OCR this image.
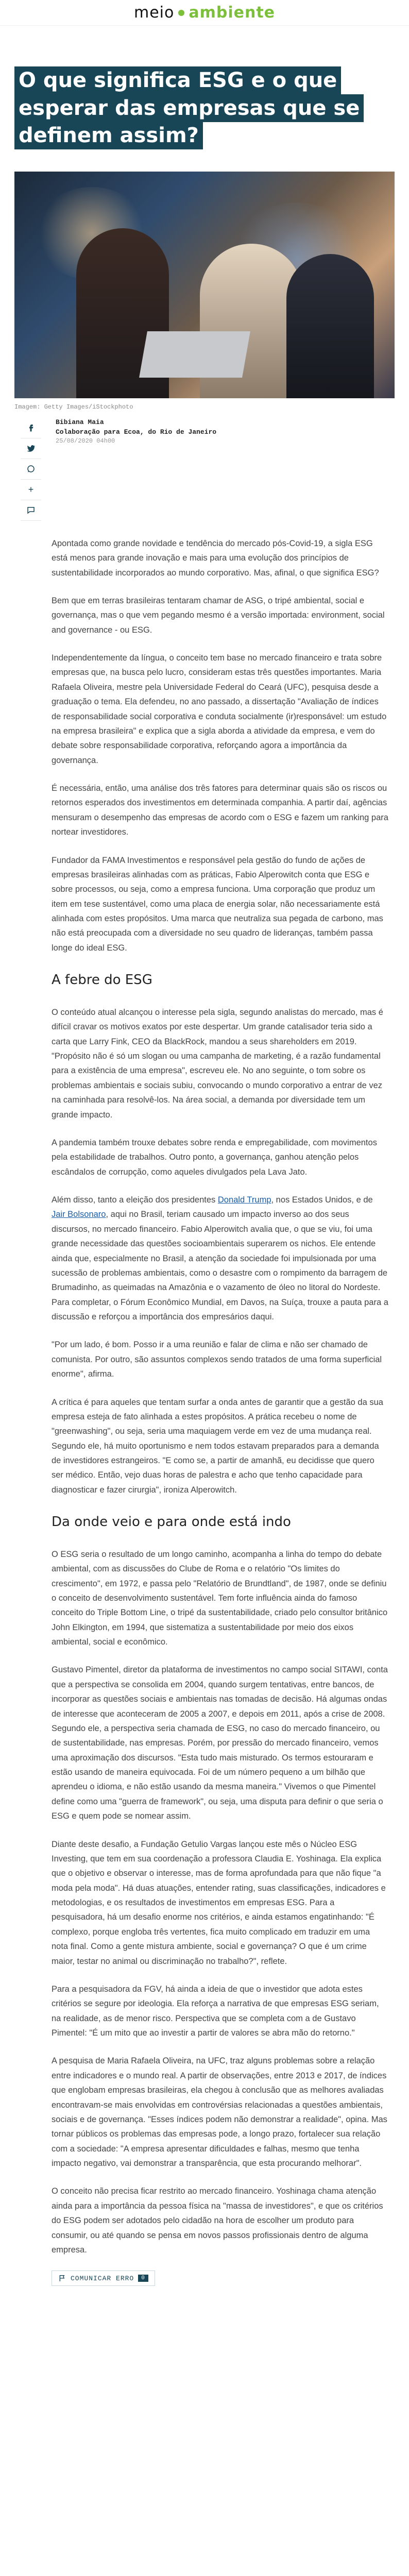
meio ambiente
O que significa ESG e o que esperar das empresas que se definem assim?
Imagem: Getty Images/iStockphoto
+
Bibiana Maia
Colaboração para Ecoa, do Rio de Janeiro
25/08/2020 04h00

Apontada como grande novidade e tendência do mercado pós-Covid-19, a sigla ESG está menos para grande inovação e mais para uma evolução dos princípios de sustentabilidade incorporados ao mundo corporativo. Mas, afinal, o que significa ESG?

Bem que em terras brasileiras tentaram chamar de ASG, o tripé ambiental, social e governança, mas o que vem pegando mesmo é a versão importada: environment, social and governance - ou ESG.

Independentemente da língua, o conceito tem base no mercado financeiro e trata sobre empresas que, na busca pelo lucro, consideram estas três questões importantes. Maria Rafaela Oliveira, mestre pela Universidade Federal do Ceará (UFC), pesquisa desde a graduação o tema. Ela defendeu, no ano passado, a dissertação "Avaliação de índices de responsabilidade social corporativa e conduta socialmente (ir)responsável: um estudo na empresa brasileira" e explica que a sigla aborda a atividade da empresa, e vem do debate sobre responsabilidade corporativa, reforçando agora a importância da governança.

É necessária, então, uma análise dos três fatores para determinar quais são os riscos ou retornos esperados dos investimentos em determinada companhia. A partir daí, agências mensuram o desempenho das empresas de acordo com o ESG e fazem um ranking para nortear investidores.

Fundador da FAMA Investimentos e responsável pela gestão do fundo de ações de empresas brasileiras alinhadas com as práticas, Fabio Alperowitch conta que ESG e sobre processos, ou seja, como a empresa funciona. Uma corporação que produz um item em tese sustentável, como uma placa de energia solar, não necessariamente está alinhada com estes propósitos. Uma marca que neutraliza sua pegada de carbono, mas não está preocupada com a diversidade no seu quadro de lideranças, também passa longe do ideal ESG.

A febre do ESG

O conteúdo atual alcançou o interesse pela sigla, segundo analistas do mercado, mas é difícil cravar os motivos exatos por este despertar. Um grande catalisador teria sido a carta que Larry Fink, CEO da BlackRock, mandou a seus shareholders em 2019. "Propósito não é só um slogan ou uma campanha de marketing, é a razão fundamental para a existência de uma empresa", escreveu ele. No ano seguinte, o tom sobre os problemas ambientais e sociais subiu, convocando o mundo corporativo a entrar de vez na caminhada para resolvê-los. Na área social, a demanda por diversidade tem um grande impacto.

A pandemia também trouxe debates sobre renda e empregabilidade, com movimentos pela estabilidade de trabalhos. Outro ponto, a governança, ganhou atenção pelos escândalos de corrupção, como aqueles divulgados pela Lava Jato.

Além disso, tanto a eleição dos presidentes Donald Trump, nos Estados Unidos, e de Jair Bolsonaro, aqui no Brasil, teriam causado um impacto inverso ao dos seus discursos, no mercado financeiro. Fabio Alperowitch avalia que, o que se viu, foi uma grande necessidade das questões socioambientais superarem os nichos. Ele entende ainda que, especialmente no Brasil, a atenção da sociedade foi impulsionada por uma sucessão de problemas ambientais, como o desastre com o rompimento da barragem de Brumadinho, as queimadas na Amazônia e o vazamento de óleo no litoral do Nordeste. Para completar, o Fórum Econômico Mundial, em Davos, na Suíça, trouxe a pauta para a discussão e reforçou a importância dos empresários daqui.

"Por um lado, é bom. Posso ir a uma reunião e falar de clima e não ser chamado de comunista. Por outro, são assuntos complexos sendo tratados de uma forma superficial enorme", afirma.

A crítica é para aqueles que tentam surfar a onda antes de garantir que a gestão da sua empresa esteja de fato alinhada a estes propósitos. A prática recebeu o nome de "greenwashing", ou seja, seria uma maquiagem verde em vez de uma mudança real. Segundo ele, há muito oportunismo e nem todos estavam preparados para a demanda de investidores estrangeiros. "E como se, a partir de amanhã, eu decidisse que quero ser médico. Então, vejo duas horas de palestra e acho que tenho capacidade para diagnosticar e fazer cirurgia", ironiza Alperowitch.

Da onde veio e para onde está indo

O ESG seria o resultado de um longo caminho, acompanha a linha do tempo do debate ambiental, com as discussões do Clube de Roma e o relatório "Os limites do crescimento", em 1972, e passa pelo "Relatório de Brundtland", de 1987, onde se definiu o conceito de desenvolvimento sustentável. Tem forte influência ainda do famoso conceito do Triple Bottom Line, o tripé da sustentabilidade, criado pelo consultor britânico John Elkington, em 1994, que sistematiza a sustentabilidade por meio dos eixos ambiental, social e econômico.

Gustavo Pimentel, diretor da plataforma de investimentos no campo social SITAWI, conta que a perspectiva se consolida em 2004, quando surgem tentativas, entre bancos, de incorporar as questões sociais e ambientais nas tomadas de decisão. Há algumas ondas de interesse que aconteceram de 2005 a 2007, e depois em 2011, após a crise de 2008. Segundo ele, a perspectiva seria chamada de ESG, no caso do mercado financeiro, ou de sustentabilidade, nas empresas. Porém, por pressão do mercado financeiro, vemos uma aproximação dos discursos. "Esta tudo mais misturado. Os termos estouraram e estão usando de maneira equivocada. Foi de um número pequeno a um bilhão que aprendeu o idioma, e não estão usando da mesma maneira." Vivemos o que Pimentel define como uma "guerra de framework", ou seja, uma disputa para definir o que seria o ESG e quem pode se nomear assim.

Diante deste desafio, a Fundação Getulio Vargas lançou este mês o Núcleo ESG Investing, que tem em sua coordenação a professora Claudia E. Yoshinaga. Ela explica que o objetivo e observar o interesse, mas de forma aprofundada para que não fique "a moda pela moda". Há duas atuações, entender rating, suas classificações, indicadores e metodologias, e os resultados de investimentos em empresas ESG. Para a pesquisadora, há um desafio enorme nos critérios, e ainda estamos engatinhando: "É complexo, porque engloba três vertentes, fica muito complicado em traduzir em uma nota final. Como a gente mistura ambiente, social e governança? O que é um crime maior, testar no animal ou discriminação no trabalho?", reflete.

Para a pesquisadora da FGV, há ainda a ideia de que o investidor que adota estes critérios se segure por ideologia. Ela reforça a narrativa de que empresas ESG seriam, na realidade, as de menor risco. Perspectiva que se completa com a de Gustavo Pimentel: "É um mito que ao investir a partir de valores se abra mão do retorno."

A pesquisa de Maria Rafaela Oliveira, na UFC, traz alguns problemas sobre a relação entre indicadores e o mundo real. A partir de observações, entre 2013 e 2017, de índices que englobam empresas brasileiras, ela chegou à conclusão que as melhores avaliadas encontravam-se mais envolvidas em controvérsias relacionadas a questões ambientais, sociais e de governança. "Esses índices podem não demonstrar a realidade", opina. Mas tornar públicos os problemas das empresas pode, a longo prazo, fortalecer sua relação com a sociedade: "A empresa apresentar dificuldades e falhas, mesmo que tenha impacto negativo, vai demonstrar a transparência, que esta procurando melhorar".

O conceito não precisa ficar restrito ao mercado financeiro. Yoshinaga chama atenção ainda para a importância da pessoa física na "massa de investidores", e que os critérios do ESG podem ser adotados pelo cidadão na hora de escolher um produto para consumir, ou até quando se pensa em novos passos profissionais dentro de alguma empresa.

COMUNICAR ERRO	0
